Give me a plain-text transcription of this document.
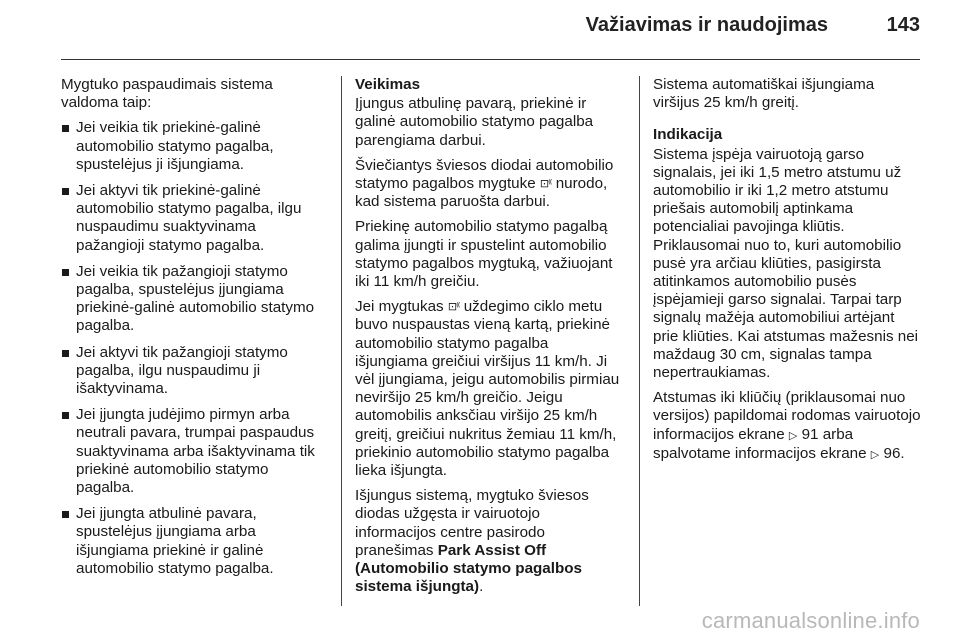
Važiavimas ir naudojimas	143

Mygtuko paspaudimais sistema valdoma taip:

Jei veikia tik priekinė-galinė automobilio statymo pagalba, spustelėjus ji išjungiama.
Jei aktyvi tik priekinė-galinė automobilio statymo pagalba, ilgu nuspaudimu suaktyvinama pažangioji statymo pagalba.
Jei veikia tik pažangioji statymo pagalba, spustelėjus įjungiama priekinė-galinė automobilio statymo pagalba.
Jei aktyvi tik pažangioji statymo pagalba, ilgu nuspaudimu ji išaktyvinama.
Jei įjungta judėjimo pirmyn arba neutrali pavara, trumpai paspaudus suaktyvinama arba išaktyvinama tik priekinė automobilio statymo pagalba.
Jei įjungta atbulinė pavara, spustelėjus įjungiama arba išjungiama priekinė ir galinė automobilio statymo pagalba.
Veikimas

Įjungus atbulinę pavarą, priekinė ir galinė automobilio statymo pagalba parengiama darbui.

Šviečiantys šviesos diodai automobilio statymo pagalbos mygtuke ⊡⁽⁽ nurodo, kad sistema paruošta darbui.

Priekinę automobilio statymo pagalbą galima įjungti ir spustelint automobilio statymo pagalbos mygtuką, važiuojant iki 11 km/h greičiu.

Jei mygtukas ⊡⁽⁽ uždegimo ciklo metu buvo nuspaustas vieną kartą, priekinė automobilio statymo pagalba išjungiama greičiui viršijus 11 km/h. Ji vėl įjungiama, jeigu automobilis pirmiau neviršijo 25 km/h greičio. Jeigu automobilis anksčiau viršijo 25 km/h greitį, greičiui nukritus žemiau 11 km/h, priekinio automobilio statymo pagalba lieka išjungta.

Išjungus sistemą, mygtuko šviesos diodas užgęsta ir vairuotojo informacijos centre pasirodo pranešimas Park Assist Off (Automobilio statymo pagalbos sistema išjungta).

Sistema automatiškai išjungiama viršijus 25 km/h greitį.

Indikacija

Sistema įspėja vairuotoją garso signalais, jei iki 1,5 metro atstumu už automobilio ir iki 1,2 metro atstumu priešais automobilį aptinkama potencialiai pavojinga kliūtis.

Priklausomai nuo to, kuri automobilio pusė yra arčiau kliūties, pasigirsta atitinkamos automobilio pusės įspėjamieji garso signalai. Tarpai tarp signalų mažėja automobiliui artėjant prie kliūties. Kai atstumas mažesnis nei maždaug 30 cm, signalas tampa nepertraukiamas.

Atstumas iki kliūčių (priklausomai nuo versijos) papildomai rodomas vairuotojo informacijos ekrane ▷ 91 arba spalvotame informacijos ekrane ▷ 96.

carmanualsonline.info
